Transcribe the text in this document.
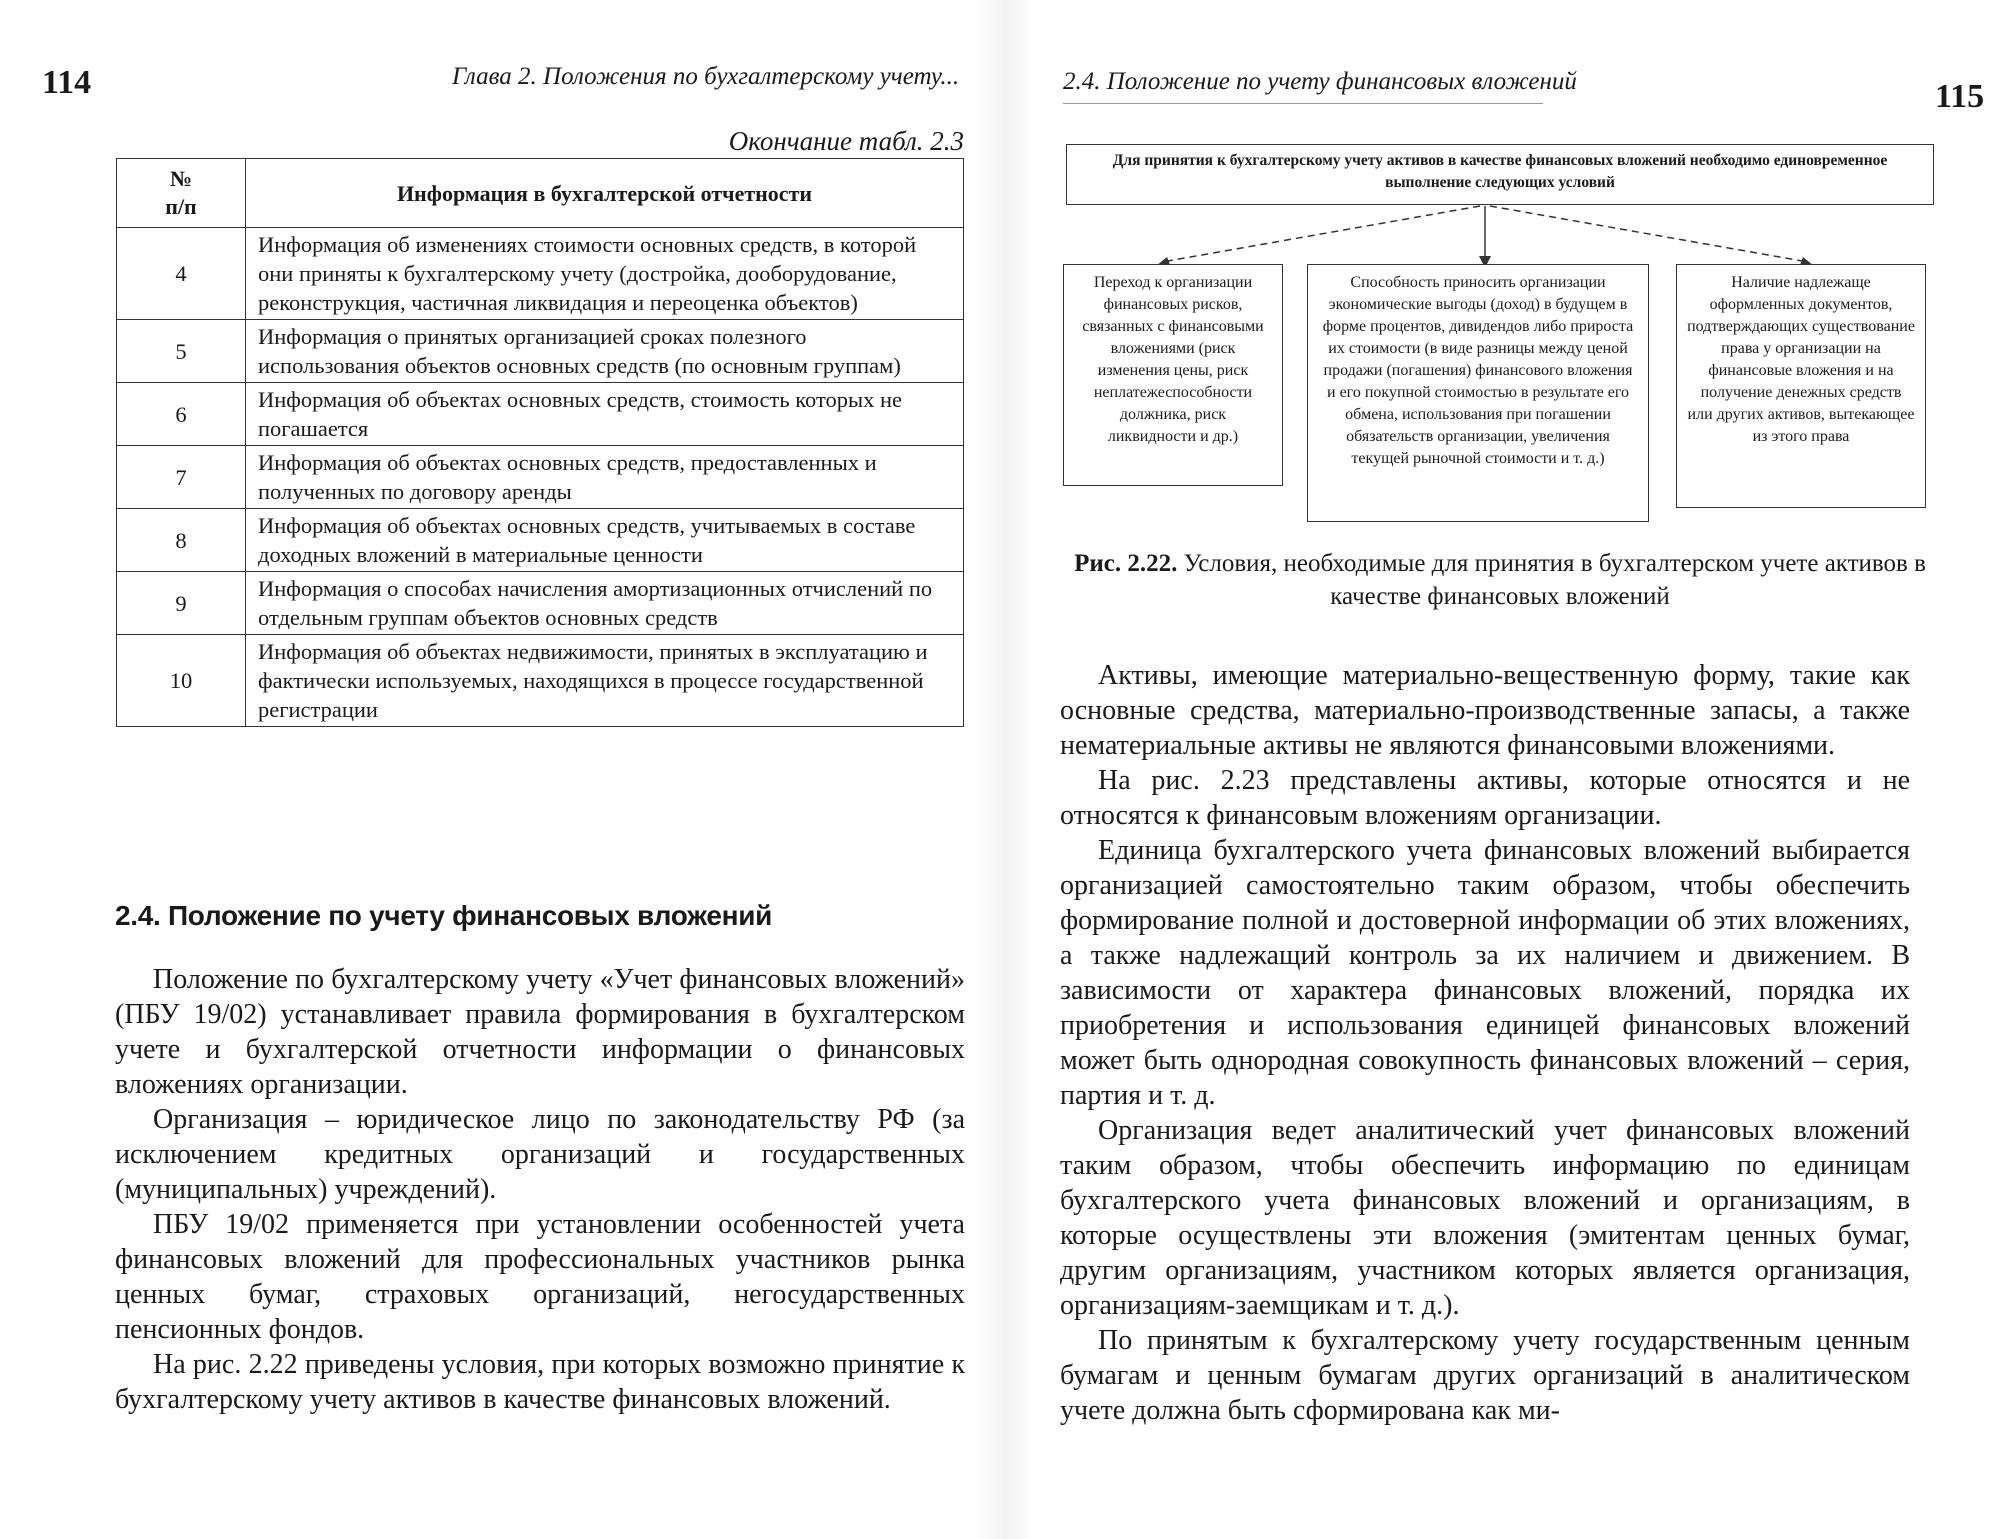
114	Глава 2. Положения по бухгалтерскому учету...
Окончание табл. 2.3
№
п/п	Информация в бухгалтерской отчетности
4	Информация об изменениях стоимости основных средств, в которой они приняты к бухгалтерскому учету (достройка, дооборудование, реконструкция, частичная ликвидация и переоценка объектов)
5	Информация о принятых организацией сроках полезного использования объектов основных средств (по основным группам)
6	Информация об объектах основных средств, стоимость которых не погашается
7	Информация об объектах основных средств, предоставленных и полученных по договору аренды
8	Информация об объектах основных средств, учитываемых в составе доходных вложений в материальные ценности
9	Информация о способах начисления амортизационных отчислений по отдельным группам объектов основных средств
10	Информация об объектах недвижимости, принятых в эксплуатацию и фактически используемых, находящихся в процессе государственной регистрации
2.4. Положение по учету финансовых вложений

Положение по бухгалтерскому учету «Учет финансовых вложений» (ПБУ 19/02) устанавливает правила формирования в бухгалтерском учете и бухгалтерской отчетности информации о финансовых вложениях организации.

Организация – юридическое лицо по законодательству РФ (за исключением кредитных организаций и государственных (муниципальных) учреждений).

ПБУ 19/02 применяется при установлении особенностей учета финансовых вложений для профессиональных участников рынка ценных бумаг, страховых организаций, негосударственных пенсионных фондов.

На рис. 2.22 приведены условия, при которых возможно принятие к бухгалтерскому учету активов в качестве финансовых вложений.

2.4. Положение по учету финансовых вложений	115
Для принятия к бухгалтерскому учету активов в качестве финансовых вложений необходимо единовременное выполнение следующих условий
Переход к организации финансовых рисков, связанных с финансовыми вложениями (риск изменения цены, риск неплатежеспособности должника, риск ликвидности и др.)
Способность приносить организации экономические выгоды (доход) в будущем в форме процентов, дивидендов либо прироста их стоимости (в виде разницы между ценой продажи (погашения) финансового вложения и его покупной стоимостью в результате его обмена, использования при погашении обязательств организации, увеличения текущей рыночной стоимости и т. д.)
Наличие надлежаще оформленных документов, подтверждающих существование права у организации на финансовые вложения и на получение денежных средств или других активов, вытекающее из этого права
Рис. 2.22. Условия, необходимые для принятия в бухгалтерском учете активов в качестве финансовых вложений

Активы, имеющие материально-вещественную форму, такие как основные средства, материально-производственные запасы, а также нематериальные активы не являются финансовыми вложениями.

На рис. 2.23 представлены активы, которые относятся и не относятся к финансовым вложениям организации.

Единица бухгалтерского учета финансовых вложений выбирается организацией самостоятельно таким образом, чтобы обеспечить формирование полной и достоверной информации об этих вложениях, а также надлежащий контроль за их наличием и движением. В зависимости от характера финансовых вложений, порядка их приобретения и использования единицей финансовых вложений может быть однородная совокупность финансовых вложений – серия, партия и т. д.

Организация ведет аналитический учет финансовых вложений таким образом, чтобы обеспечить информацию по единицам бухгалтерского учета финансовых вложений и организациям, в которые осуществлены эти вложения (эмитентам ценных бумаг, другим организациям, участником которых является организация, организациям-заемщикам и т. д.).

По принятым к бухгалтерскому учету государственным ценным бумагам и ценным бумагам других организаций в аналитическом учете должна быть сформирована как ми-
